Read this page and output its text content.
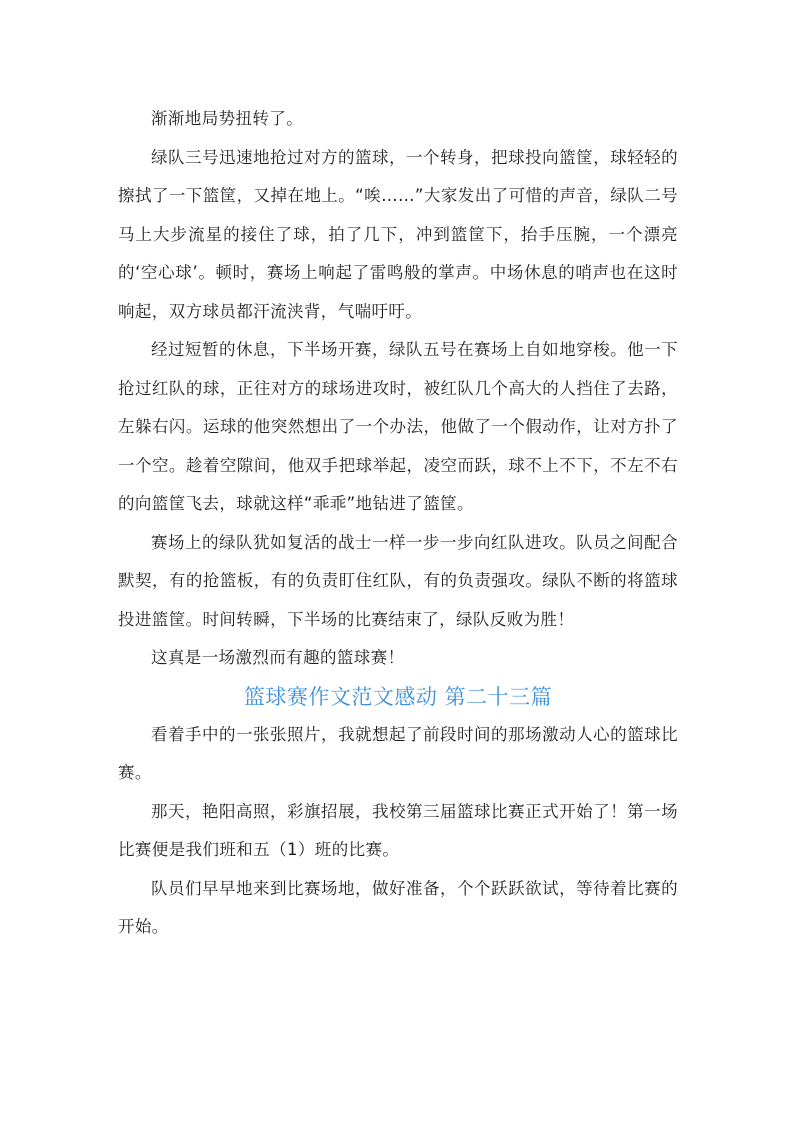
渐渐地局势扭转了。

绿队三号迅速地抢过对方的篮球，一个转身，把球投向篮筐，球轻轻的擦拭了一下篮筐，又掉在地上。“唉……”大家发出了可惜的声音，绿队二号马上大步流星的接住了球，拍了几下，冲到篮筐下，抬手压腕，一个漂亮的‘空心球’。顿时，赛场上响起了雷鸣般的掌声。中场休息的哨声也在这时响起，双方球员都汗流浃背，气喘吁吁。

经过短暂的休息，下半场开赛，绿队五号在赛场上自如地穿梭。他一下抢过红队的球，正往对方的球场进攻时，被红队几个高大的人挡住了去路，左躲右闪。运球的他突然想出了一个办法，他做了一个假动作，让对方扑了一个空。趁着空隙间，他双手把球举起，凌空而跃，球不上不下，不左不右的向篮筐飞去，球就这样“乖乖”地钻进了篮筐。

赛场上的绿队犹如复活的战士一样一步一步向红队进攻。队员之间配合默契，有的抢篮板，有的负责盯住红队，有的负责强攻。绿队不断的将篮球投进篮筐。时间转瞬，下半场的比赛结束了，绿队反败为胜！

这真是一场激烈而有趣的篮球赛！

篮球赛作文范文感动 第二十三篇

看着手中的一张张照片，我就想起了前段时间的那场激动人心的篮球比赛。

那天，艳阳高照，彩旗招展，我校第三届篮球比赛正式开始了！第一场比赛便是我们班和五（1）班的比赛。

队员们早早地来到比赛场地，做好准备，个个跃跃欲试，等待着比赛的开始。
